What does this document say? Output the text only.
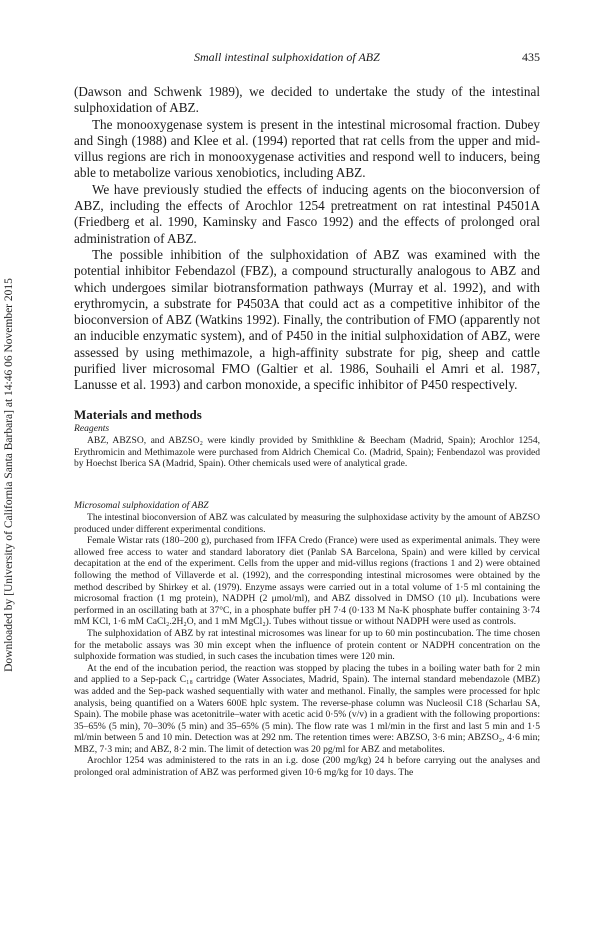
Small intestinal sulphoxidation of ABZ	435
Downloaded by [University of California Santa Barbara] at 14:46 06 November 2015

(Dawson and Schwenk 1989), we decided to undertake the study of the intestinal sulphoxidation of ABZ.

The monooxygenase system is present in the intestinal microsomal fraction. Dubey and Singh (1988) and Klee et al. (1994) reported that rat cells from the upper and mid-villus regions are rich in monooxygenase activities and respond well to inducers, being able to metabolize various xenobiotics, including ABZ.

We have previously studied the effects of inducing agents on the bioconversion of ABZ, including the effects of Arochlor 1254 pretreatment on rat intestinal P4501A (Friedberg et al. 1990, Kaminsky and Fasco 1992) and the effects of prolonged oral administration of ABZ.

The possible inhibition of the sulphoxidation of ABZ was examined with the potential inhibitor Febendazol (FBZ), a compound structurally analogous to ABZ and which undergoes similar biotransformation pathways (Murray et al. 1992), and with erythromycin, a substrate for P4503A that could act as a competitive inhibitor of the bioconversion of ABZ (Watkins 1992). Finally, the contribution of FMO (apparently not an inducible enzymatic system), and of P450 in the initial sulphoxidation of ABZ, were assessed by using methimazole, a high-affinity substrate for pig, sheep and cattle purified liver microsomal FMO (Galtier et al. 1986, Souhaili el Amri et al. 1987, Lanusse et al. 1993) and carbon monoxide, a specific inhibitor of P450 respectively.

Materials and methods
Reagents

ABZ, ABZSO, and ABZSO₂ were kindly provided by Smithkline & Beecham (Madrid, Spain); Arochlor 1254, Erythromicin and Methimazole were purchased from Aldrich Chemical Co. (Madrid, Spain); Fenbendazol was provided by Hoechst Iberica SA (Madrid, Spain). Other chemicals used were of analytical grade.

Microsomal sulphoxidation of ABZ

The intestinal bioconversion of ABZ was calculated by measuring the sulphoxidase activity by the amount of ABZSO produced under different experimental conditions.

Female Wistar rats (180–200 g), purchased from IFFA Credo (France) were used as experimental animals. They were allowed free access to water and standard laboratory diet (Panlab SA Barcelona, Spain) and were killed by cervical decapitation at the end of the experiment. Cells from the upper and mid-villus regions (fractions 1 and 2) were obtained following the method of Villaverde et al. (1992), and the corresponding intestinal microsomes were obtained by the method described by Shirkey et al. (1979). Enzyme assays were carried out in a total volume of 1·5 ml containing the microsomal fraction (1 mg protein), NADPH (2 μmol/ml), and ABZ dissolved in DMSO (10 μl). Incubations were performed in an oscillating bath at 37°C, in a phosphate buffer pH 7·4 (0·133 M Na-K phosphate buffer containing 3·74 mM KCl, 1·6 mM CaCl₂.2H₂O, and 1 mM MgCl₂). Tubes without tissue or without NADPH were used as controls.

The sulphoxidation of ABZ by rat intestinal microsomes was linear for up to 60 min postincubation. The time chosen for the metabolic assays was 30 min except when the influence of protein content or NADPH concentration on the sulphoxide formation was studied, in such cases the incubation times were 120 min.

At the end of the incubation period, the reaction was stopped by placing the tubes in a boiling water bath for 2 min and applied to a Sep-pack C₁₈ cartridge (Water Associates, Madrid, Spain). The internal standard mebendazole (MBZ) was added and the Sep-pack washed sequentially with water and methanol. Finally, the samples were processed for hplc analysis, being quantified on a Waters 600E hplc system. The reverse-phase column was Nucleosil C18 (Scharlau SA, Spain). The mobile phase was acetonitrile–water with acetic acid 0·5% (v/v) in a gradient with the following proportions: 35–65% (5 min), 70–30% (5 min) and 35–65% (5 min). The flow rate was 1 ml/min in the first and last 5 min and 1·5 ml/min between 5 and 10 min. Detection was at 292 nm. The retention times were: ABZSO, 3·6 min; ABZSO₂, 4·6 min; MBZ, 7·3 min; and ABZ, 8·2 min. The limit of detection was 20 pg/ml for ABZ and metabolites.

Arochlor 1254 was administered to the rats in an i.g. dose (200 mg/kg) 24 h before carrying out the analyses and prolonged oral administration of ABZ was performed given 10·6 mg/kg for 10 days. The
